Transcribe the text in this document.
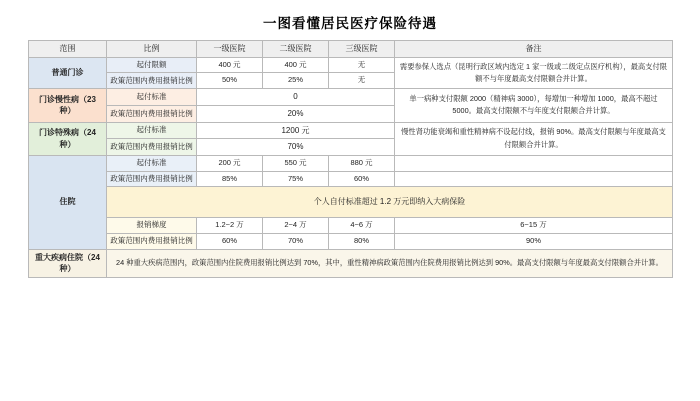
一图看懂居民医疗保险待遇
范围	比例	一级医院	二级医院	三级医院	备注
普通门诊	起付限额	400 元	400 元	无	需要参保人选点（昆明行政区域内选定 1 家一级或二级定点医疗机构），最高支付限额不与年度最高支付限额合并计算。
	政策范围内费用报销比例	50%	25%	无	
门诊慢性病（23 种）	起付标准	0			单一病种支付限额 2000（精神病 3000），每增加一种增加 1000，最高不超过 5000。最高支付限额不与年度支付限额合并计算。
	政策范围内费用报销比例	20%			
门诊特殊病（24 种）	起付标准	1200 元			慢性肾功能衰竭和重性精神病不设起付线，报销 90%。最高支付限额与年度最高支付限额合并计算。
	政策范围内费用报销比例	70%			
住院	起付标准	200 元	550 元	880 元	
	政策范围内费用报销比例	85%	75%	60%	
	个人自付标准超过 1.2 万元即纳入大病保险				
	报销梯度	1.2~2 万	2~4 万	4~6 万	6~15 万
	政策范围内费用报销比例	60%	70%	80%	90%
重大疾病住院（24 种）	24 种重大疾病范围内，政策范围内住院费用报销比例达到 70%，其中，重性精神病政策范围内住院费用报销比例达到 90%。最高支付限额与年度最高支付限额合并计算。				
